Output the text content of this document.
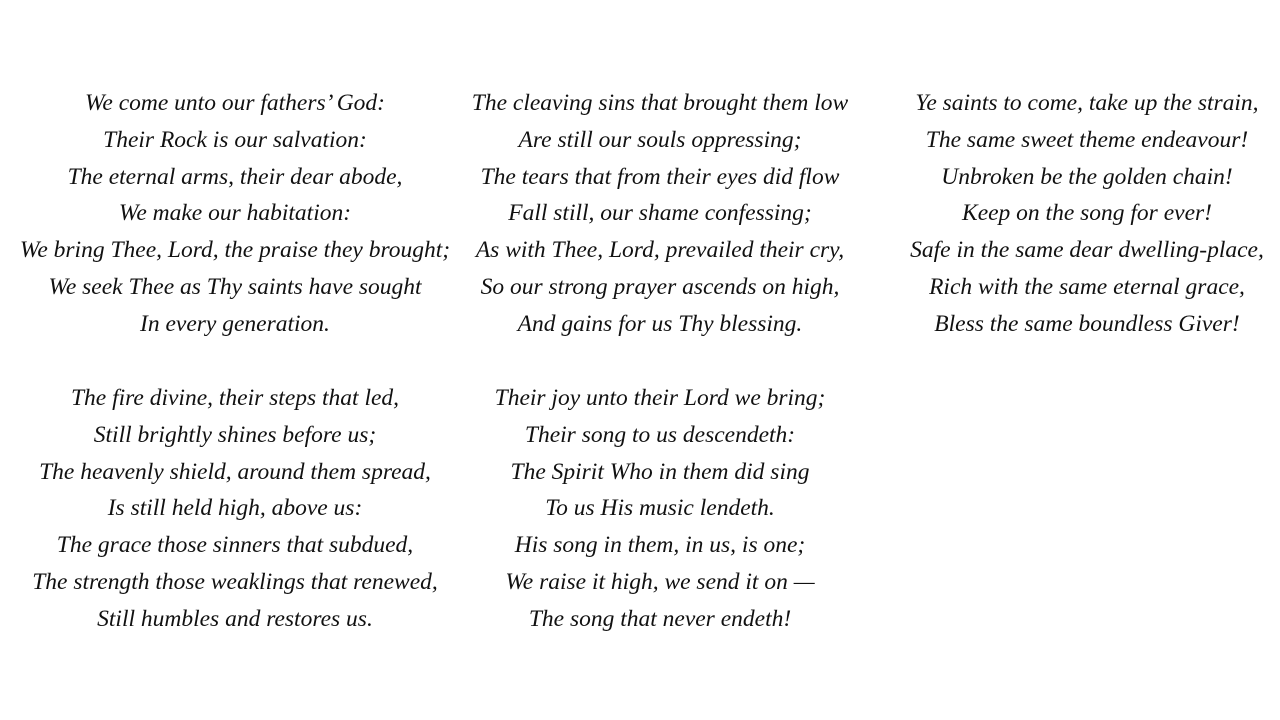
We come unto our fathers’ God:
Their Rock is our salvation:
The eternal arms, their dear abode,
We make our habitation:
We bring Thee, Lord, the praise they brought;
We seek Thee as Thy saints have sought
In every generation.
The cleaving sins that brought them low
Are still our souls oppressing;
The tears that from their eyes did flow
Fall still, our shame confessing;
As with Thee, Lord, prevailed their cry,
So our strong prayer ascends on high,
And gains for us Thy blessing.
Ye saints to come, take up the strain,
The same sweet theme endeavour!
Unbroken be the golden chain!
Keep on the song for ever!
Safe in the same dear dwelling-place,
Rich with the same eternal grace,
Bless the same boundless Giver!
The fire divine, their steps that led,
Still brightly shines before us;
The heavenly shield, around them spread,
Is still held high, above us:
The grace those sinners that subdued,
The strength those weaklings that renewed,
Still humbles and restores us.
Their joy unto their Lord we bring;
Their song to us descendeth:
The Spirit Who in them did sing
To us His music lendeth.
His song in them, in us, is one;
We raise it high, we send it on —
The song that never endeth!
